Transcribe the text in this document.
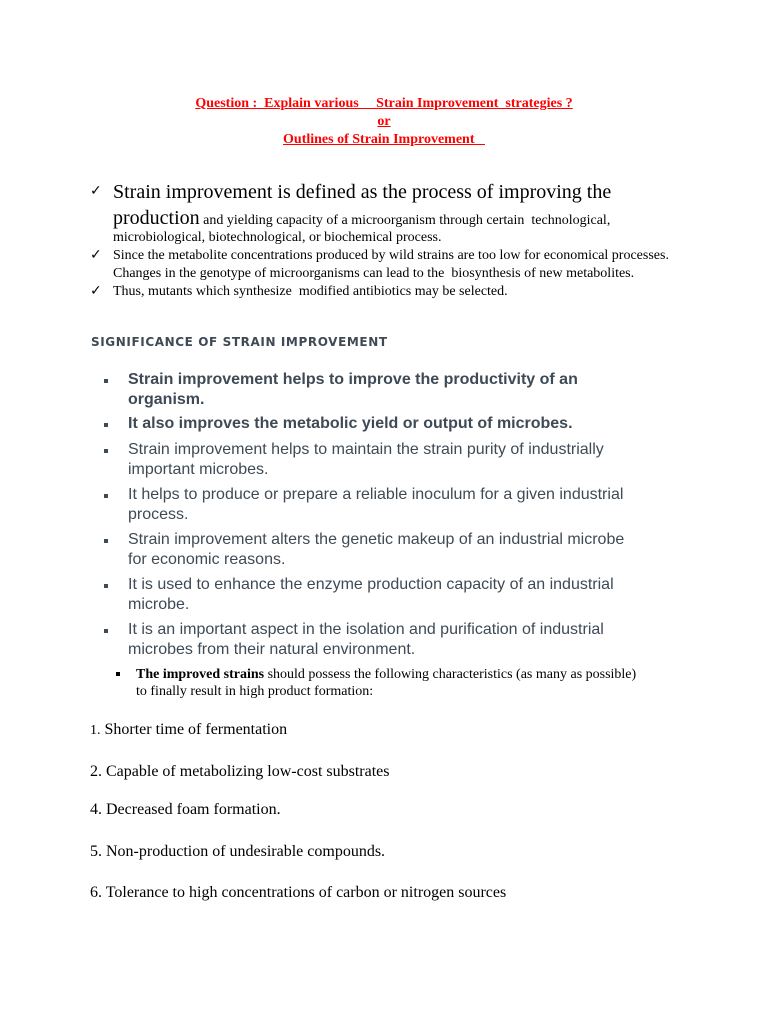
Question :  Explain various     Strain Improvement  strategies ?
or
Outlines of Strain Improvement
✓ Strain improvement is defined as the process of improving the
production and yielding capacity of a microorganism through certain  technological,
microbiological, biotechnological, or biochemical process.
✓ Since the metabolite concentrations produced by wild strains are too low for economical processes.
Changes in the genotype of microorganisms can lead to the  biosynthesis of new metabolites.
✓ Thus, mutants which synthesize  modified antibiotics may be selected.
SIGNIFICANCE OF STRAIN IMPROVEMENT
Strain improvement helps to improve the productivity of an
organism.
It also improves the metabolic yield or output of microbes.
Strain improvement helps to maintain the strain purity of industrially
important microbes.
It helps to produce or prepare a reliable inoculum for a given industrial
process.
Strain improvement alters the genetic makeup of an industrial microbe
for economic reasons.
It is used to enhance the enzyme production capacity of an industrial
microbe.
It is an important aspect in the isolation and purification of industrial
microbes from their natural environment.
The improved strains should possess the following characteristics (as many as possible)
to finally result in high product formation:
1. Shorter time of fermentation
2. Capable of metabolizing low-cost substrates
4. Decreased foam formation.
5. Non-production of undesirable compounds.
6. Tolerance to high concentrations of carbon or nitrogen sources
